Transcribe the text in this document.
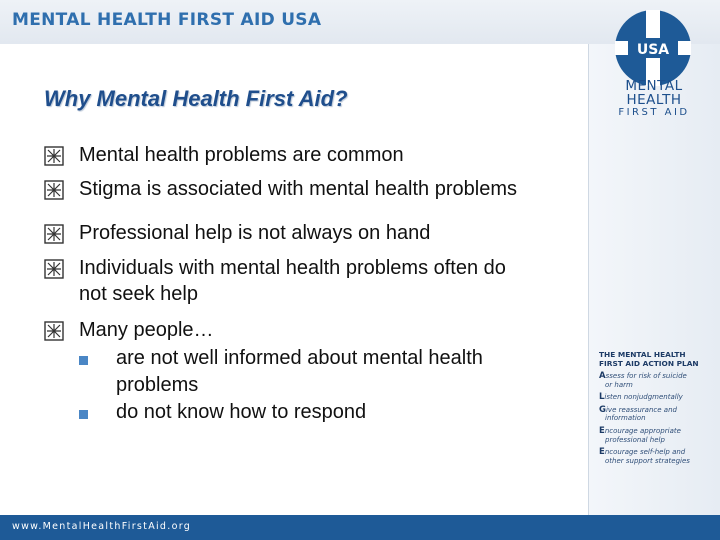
MENTAL HEALTH FIRST AID USA
USA
MENTAL
HEALTH
FIRST AID
Why Mental Health First Aid?
Mental health problems are common
Stigma is associated with mental health problems
Professional help is not always on hand
Individuals with mental health problems often do
not seek help
Many people…
are not well informed about mental health
problems
do not know how to respond
THE MENTAL HEALTH
FIRST AID ACTION PLAN
Assess for risk of suicide
or harm
Listen nonjudgmentally
Give reassurance and
information
Encourage appropriate
professional help
Encourage self-help and
other support strategies
www.MentalHealthFirstAid.org
